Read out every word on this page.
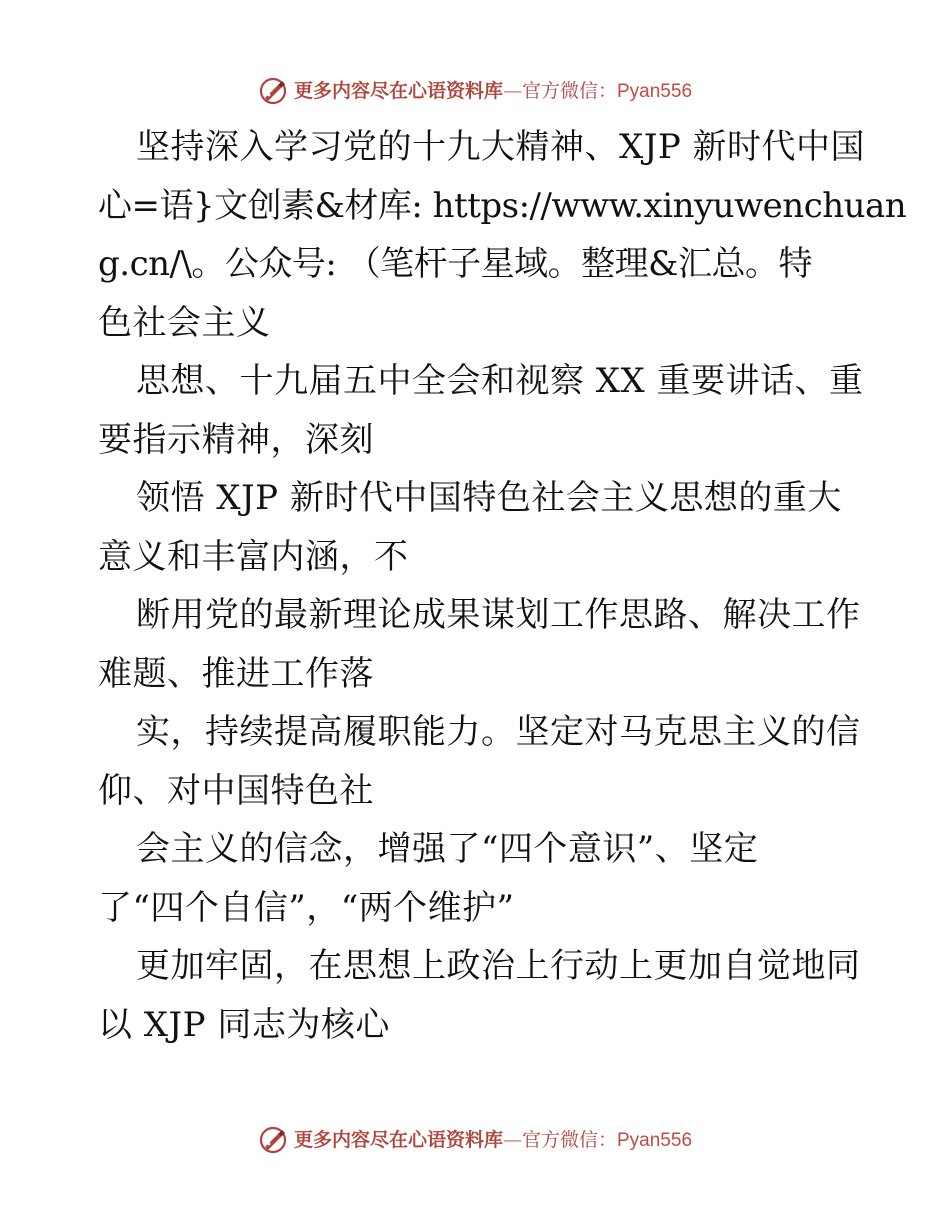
更多内容尽在心语资料库—官方微信：Pyan556
坚持深入学习党的十九大精神、XJP 新时代中国
心=语}文创素&材库: https://www.xinyuwenchuan
g.cn/\。公众号: （笔杆子星域。整理&汇总。特
色社会主义
思想、十九届五中全会和视察 XX 重要讲话、重
要指示精神，深刻
领悟 XJP 新时代中国特色社会主义思想的重大
意义和丰富内涵，不
断用党的最新理论成果谋划工作思路、解决工作
难题、推进工作落
实，持续提高履职能力。坚定对马克思主义的信
仰、对中国特色社
会主义的信念，增强了“四个意识”、坚定
了“四个自信”，“两个维护”
更加牢固，在思想上政治上行动上更加自觉地同
以 XJP 同志为核心
更多内容尽在心语资料库—官方微信：Pyan556
